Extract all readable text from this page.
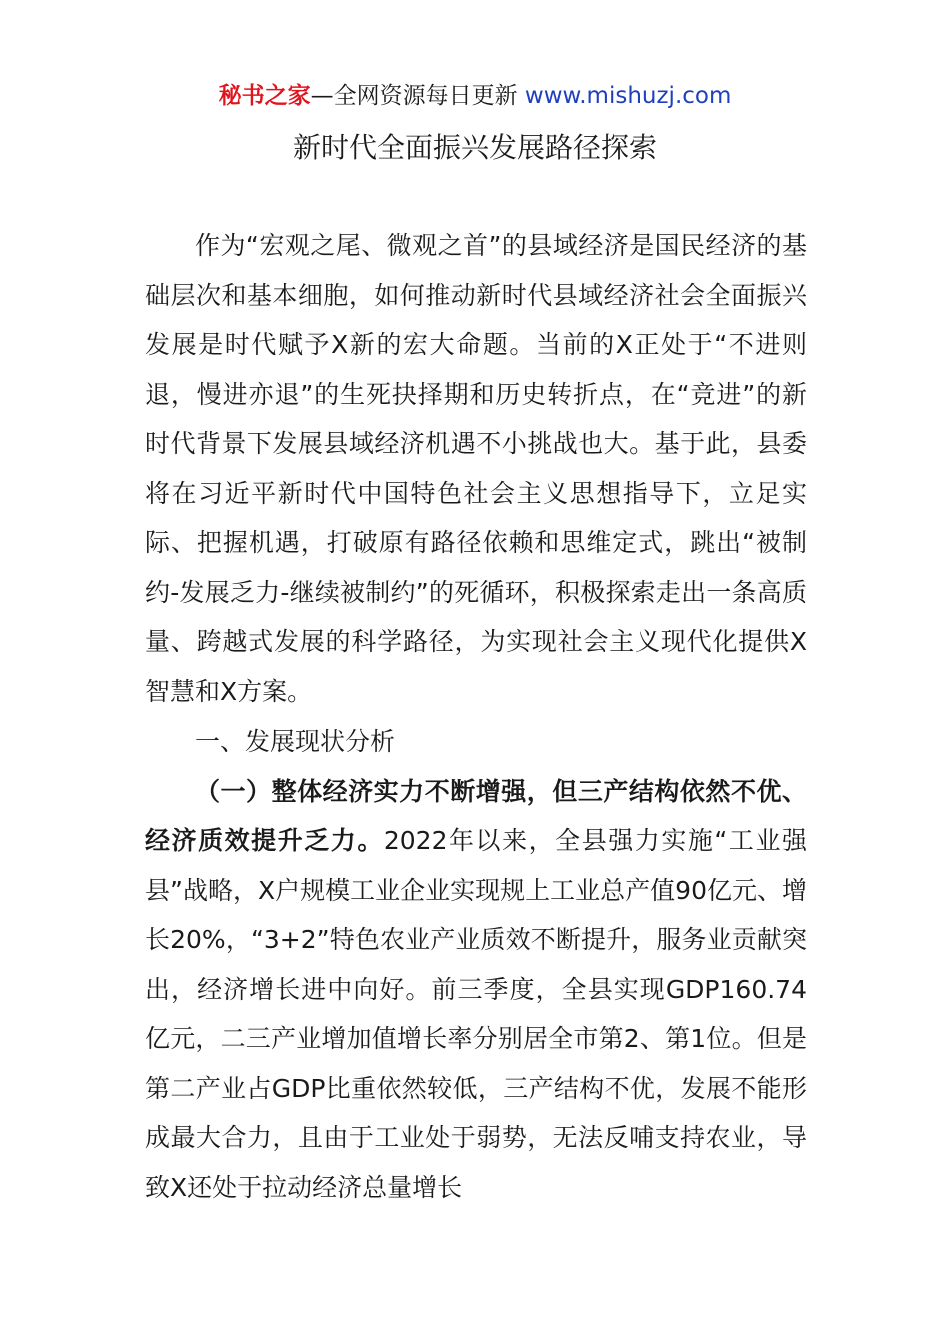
秘书之家—全网资源每日更新 www.mishuzj.com
新时代全面振兴发展路径探索

作为“宏观之尾、微观之首”的县域经济是国民经济的基础层次和基本细胞，如何推动新时代县域经济社会全面振兴发展是时代赋予X新的宏大命题。当前的X正处于“不进则退，慢进亦退”的生死抉择期和历史转折点，在“竞进”的新时代背景下发展县域经济机遇不小挑战也大。基于此，县委将在习近平新时代中国特色社会主义思想指导下，立足实际、把握机遇，打破原有路径依赖和思维定式，跳出“被制约-发展乏力-继续被制约”的死循环，积极探索走出一条高质量、跨越式发展的科学路径，为实现社会主义现代化提供X智慧和X方案。

一、发展现状分析

（一）整体经济实力不断增强，但三产结构依然不优、经济质效提升乏力。2022年以来，全县强力实施“工业强县”战略，X户规模工业企业实现规上工业总产值90亿元、增长20%，“3+2”特色农业产业质效不断提升，服务业贡献突出，经济增长进中向好。前三季度，全县实现GDP160.74亿元，二三产业增加值增长率分别居全市第2、第1位。但是第二产业占GDP比重依然较低，三产结构不优，发展不能形成最大合力，且由于工业处于弱势，无法反哺支持农业，导致X还处于拉动经济总量增长
